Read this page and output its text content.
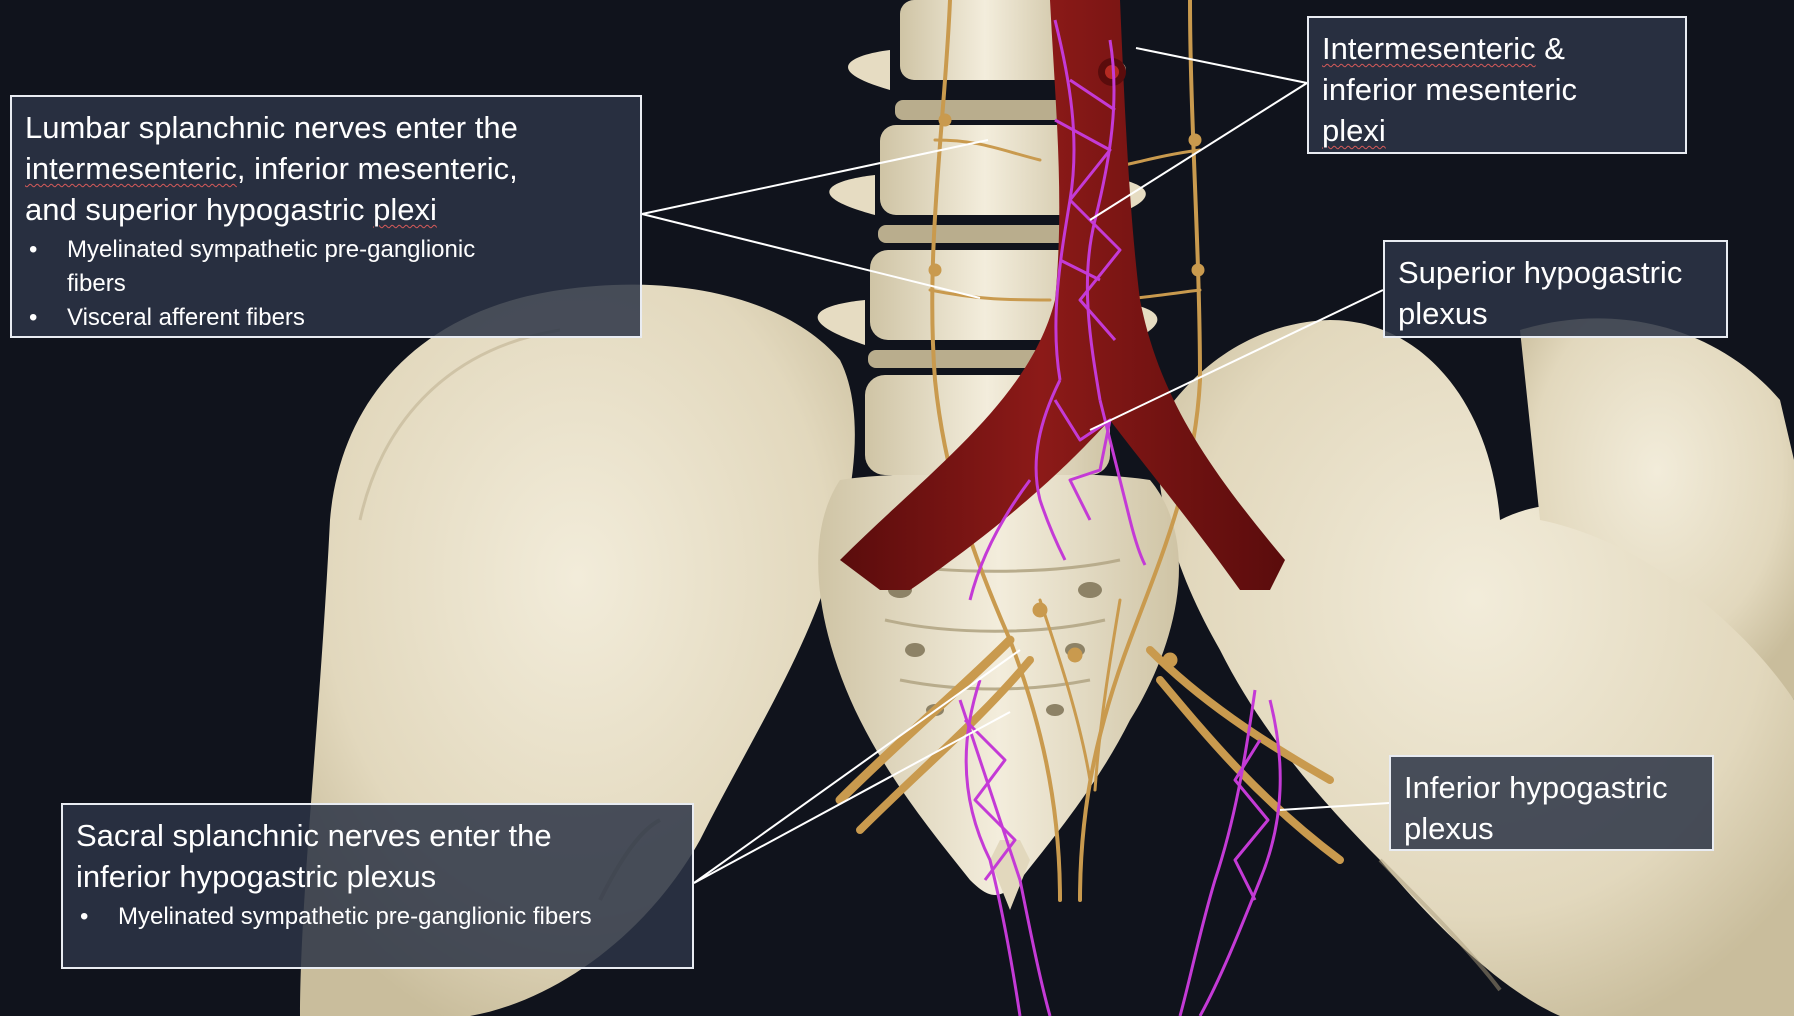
Lumbar splanchnic nerves enter the
intermesenteric, inferior mesenteric,
and superior hypogastric plexi
• Myelinated sympathetic pre-ganglionic fibers
• Visceral afferent fibers
Intermesenteric &
inferior mesenteric
plexi
Superior hypogastric plexus
Sacral splanchnic nerves enter the inferior hypogastric plexus
• Myelinated sympathetic pre-ganglionic fibers
Inferior hypogastric plexus
